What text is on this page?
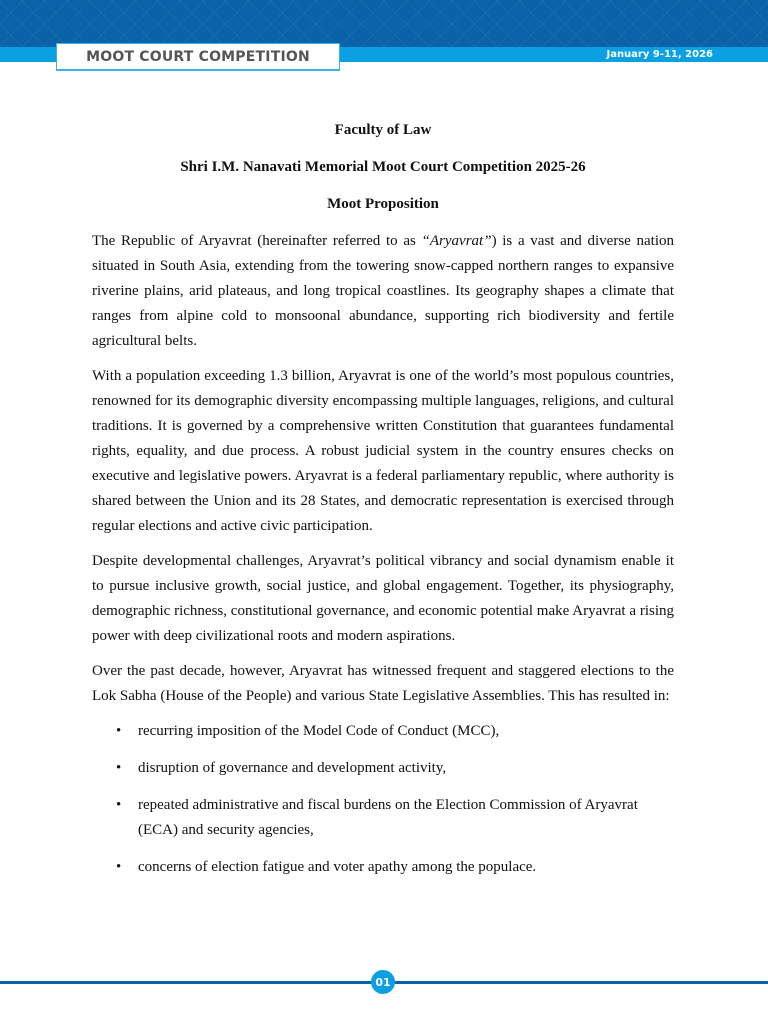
MOOT COURT COMPETITION	January 9-11, 2026
Faculty of Law
Shri I.M. Nanavati Memorial Moot Court Competition 2025-26
Moot Proposition

The Republic of Aryavrat (hereinafter referred to as “Aryavrat”) is a vast and diverse nation situated in South Asia, extending from the towering snow-capped northern ranges to expansive riverine plains, arid plateaus, and long tropical coastlines. Its geography shapes a climate that ranges from alpine cold to monsoonal abundance, supporting rich biodiversity and fertile agricultural belts.

With a population exceeding 1.3 billion, Aryavrat is one of the world’s most populous countries, renowned for its demographic diversity encompassing multiple languages, religions, and cultural traditions. It is governed by a comprehensive written Constitution that guarantees fundamental rights, equality, and due process. A robust judicial system in the country ensures checks on executive and legislative powers. Aryavrat is a federal parliamentary republic, where authority is shared between the Union and its 28 States, and democratic representation is exercised through regular elections and active civic participation.

Despite developmental challenges, Aryavrat’s political vibrancy and social dynamism enable it to pursue inclusive growth, social justice, and global engagement. Together, its physiography, demographic richness, constitutional governance, and economic potential make Aryavrat a rising power with deep civilizational roots and modern aspirations.

Over the past decade, however, Aryavrat has witnessed frequent and staggered elections to the Lok Sabha (House of the People) and various State Legislative Assemblies. This has resulted in:

• recurring imposition of the Model Code of Conduct (MCC),
• disruption of governance and development activity,
• repeated administrative and fiscal burdens on the Election Commission of Aryavrat (ECA) and security agencies,
• concerns of election fatigue and voter apathy among the populace.
01
